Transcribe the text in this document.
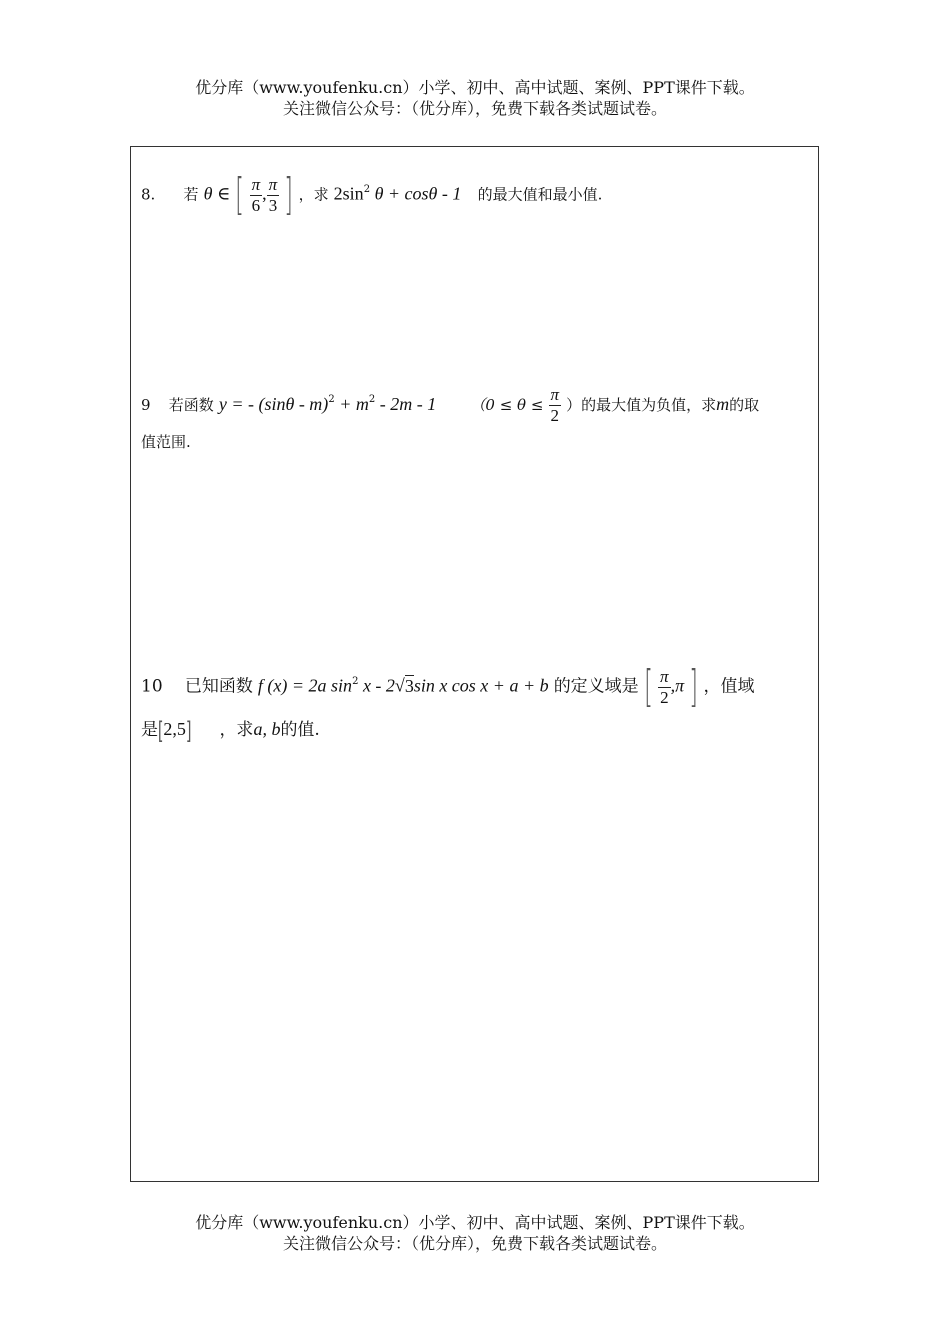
优分库（www.youfenku.cn）小学、初中、高中试题、案例、PPT课件下载。
关注微信公众号：（优分库），免费下载各类试题试卷。
8. 若 θ ∈ [ $\frac{\pi}{6}$ , $\frac{\pi}{3}$ ] ，求 $2\sin^2$ θ + cosθ - 1 的最大值和最小值.
9 若函数 y = - $(\sin\theta - m)^2 + m^2 - 2m - 1$ （$0 \le \theta \le \frac{\pi}{2}$ ）的最大值为负值，求m的取
值范围.
10 已知函数 f (x) = 2a $\sin^2 x - 2√3\sin$ x cos x + a + b 的定义域是 [ $\frac{\pi}{2} ,\pi$ ] ，值域
是[2,5] ，求a, b的值.
优分库（www.youfenku.cn）小学、初中、高中试题、案例、PPT课件下载。
关注微信公众号：（优分库），免费下载各类试题试卷。
